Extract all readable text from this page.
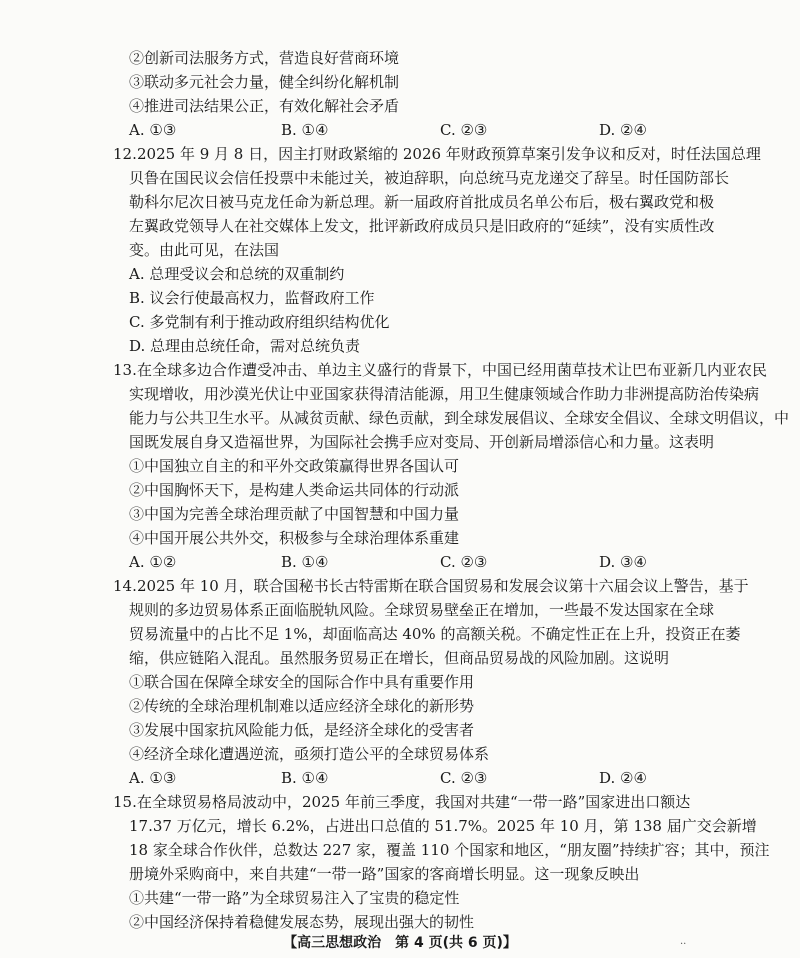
②创新司法服务方式，营造良好营商环境
③联动多元社会力量，健全纠纷化解机制
④推进司法结果公正，有效化解社会矛盾
A. ①③	B. ①④	C. ②③	D. ②④
12. 2025 年 9 月 8 日，因主打财政紧缩的 2026 年财政预算草案引发争议和反对，时任法国总理
贝鲁在国民议会信任投票中未能过关，被迫辞职，向总统马克龙递交了辞呈。时任国防部长
勒科尔尼次日被马克龙任命为新总理。新一届政府首批成员名单公布后，极右翼政党和极
左翼政党领导人在社交媒体上发文，批评新政府成员只是旧政府的“延续”，没有实质性改
变。由此可见，在法国
A. 总理受议会和总统的双重制约
B. 议会行使最高权力，监督政府工作
C. 多党制有利于推动政府组织结构优化
D. 总理由总统任命，需对总统负责
13. 在全球多边合作遭受冲击、单边主义盛行的背景下，中国已经用菌草技术让巴布亚新几内亚农民
实现增收，用沙漠光伏让中亚国家获得清洁能源，用卫生健康领域合作助力非洲提高防治传染病
能力与公共卫生水平。从减贫贡献、绿色贡献，到全球发展倡议、全球安全倡议、全球文明倡议，中
国既发展自身又造福世界，为国际社会携手应对变局、开创新局增添信心和力量。这表明
①中国独立自主的和平外交政策赢得世界各国认可
②中国胸怀天下，是构建人类命运共同体的行动派
③中国为完善全球治理贡献了中国智慧和中国力量
④中国开展公共外交，积极参与全球治理体系重建
A. ①②	B. ①④	C. ②③	D. ③④
14. 2025 年 10 月，联合国秘书长古特雷斯在联合国贸易和发展会议第十六届会议上警告，基于
规则的多边贸易体系正面临脱轨风险。全球贸易壁垒正在增加，一些最不发达国家在全球
贸易流量中的占比不足 1%，却面临高达 40% 的高额关税。不确定性正在上升，投资正在萎
缩，供应链陷入混乱。虽然服务贸易正在增长，但商品贸易战的风险加剧。这说明
①联合国在保障全球安全的国际合作中具有重要作用
②传统的全球治理机制难以适应经济全球化的新形势
③发展中国家抗风险能力低，是经济全球化的受害者
④经济全球化遭遇逆流，亟须打造公平的全球贸易体系
A. ①③	B. ①④	C. ②③	D. ②④
15. 在全球贸易格局波动中，2025 年前三季度，我国对共建“一带一路”国家进出口额达
17.37 万亿元，增长 6.2%，占进出口总值的 51.7%。2025 年 10 月，第 138 届广交会新增
18 家全球合作伙伴，总数达 227 家，覆盖 110 个国家和地区，“朋友圈”持续扩容；其中，预注
册境外采购商中，来自共建“一带一路”国家的客商增长明显。这一现象反映出
①共建“一带一路”为全球贸易注入了宝贵的稳定性
②中国经济保持着稳健发展态势，展现出强大的韧性
【高三思想政治　第 4 页(共 6 页)】	..
